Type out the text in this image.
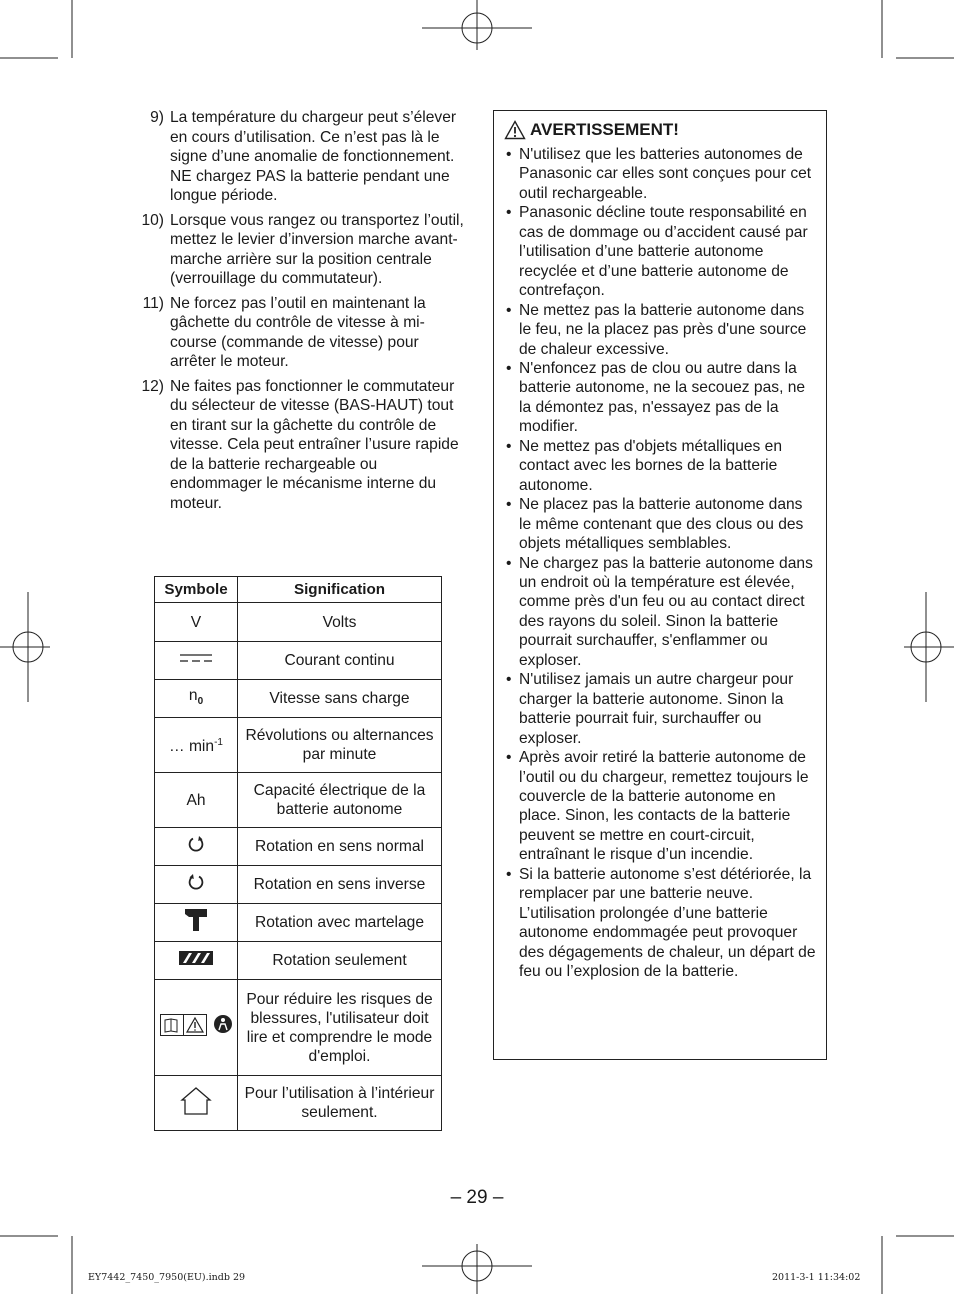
9) La température du chargeur peut s’élever en cours d’utilisation. Ce n’est pas là le signe d’une anomalie de fonctionnement. NE chargez PAS la batterie pendant une longue période.
10) Lorsque vous rangez ou transportez l’outil, mettez le levier d’inversion marche avant-marche arrière sur la position centrale (verrouillage du commutateur).
11) Ne forcez pas l’outil en maintenant la gâchette du contrôle de vitesse à mi-course (commande de vitesse) pour arrêter le moteur.
12) Ne faites pas fonctionner le commutateur du sélecteur de vitesse (BAS-HAUT) tout en tirant sur la gâchette du contrôle de vitesse. Cela peut entraîner l’usure rapide de la batterie rechargeable ou endommager le mécanisme interne du moteur.
Symbole	Signification
V	Volts
	Courant continu
$n_0$	Vitesse sans charge
… $\min^{-1}$	Révolutions ou alternances par minute
Ah	Capacité électrique de la batterie autonome
	Rotation en sens normal
	Rotation en sens inverse
	Rotation avec martelage
	Rotation seulement
	Pour réduire les risques de blessures, l'utilisateur doit lire et comprendre le mode d'emploi.
	Pour l’utilisation à l’intérieur seulement.
AVERTISSEMENT!
• N'utilisez que les batteries autonomes de Panasonic car elles sont conçues pour cet outil rechargeable.
• Panasonic décline toute responsabilité en cas de dommage ou d’accident causé par l’utilisation d’une batterie autonome recyclée et d’une batterie autonome de contrefaçon.
• Ne mettez pas la batterie autonome dans le feu, ne la placez pas près d'une source de chaleur excessive.
• N'enfoncez pas de clou ou autre dans la batterie autonome, ne la secouez pas, ne la démontez pas, n'essayez pas de la modifier.
• Ne mettez pas d'objets métalliques en contact avec les bornes de la batterie autonome.
• Ne placez pas la batterie autonome dans le même contenant que des clous ou des objets métalliques semblables.
• Ne chargez pas la batterie autonome dans un endroit où la température est élevée, comme près d'un feu ou au contact direct des rayons du soleil. Sinon la batterie pourrait surchauffer, s'enflammer ou exploser.
• N'utilisez jamais un autre chargeur pour charger la batterie autonome. Sinon la batterie pourrait fuir, surchauffer ou exploser.
• Après avoir retiré la batterie autonome de l’outil ou du chargeur, remettez toujours le couvercle de la batterie autonome en place. Sinon, les contacts de la batterie peuvent se mettre en court-circuit, entraînant le risque d’un incendie.
• Si la batterie autonome s’est détériorée, la remplacer par une batterie neuve. L’utilisation prolongée d’une batterie autonome endommagée peut provoquer des dégagements de chaleur, un départ de feu ou l’explosion de la batterie.
– 29 –
EY7442_7450_7950(EU).indb 29	2011-3-1 11:34:02
